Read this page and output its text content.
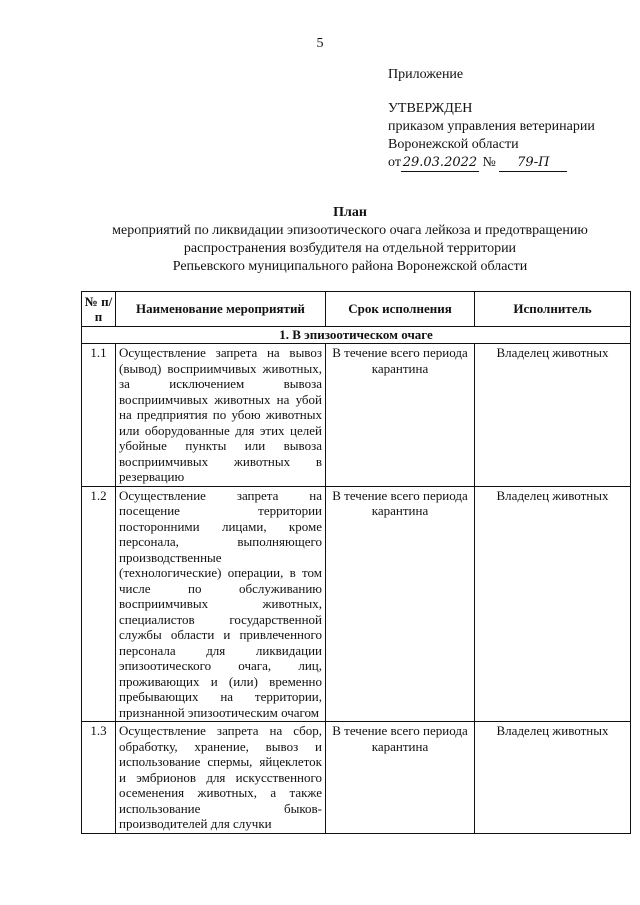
5
Приложение
УТВЕРЖДЕН
приказом управления ветеринарии
Воронежской области
от 29.03.2022 № 79-П
План
мероприятий по ликвидации эпизоотического очага лейкоза и предотвращению
распространения возбудителя на отдельной территории
Репьевского муниципального района Воронежской области
№ п/п	Наименование мероприятий	Срок исполнения	Исполнитель
1. В эпизоотическом очаге			
1.1	Осуществление запрета на вывоз (вывод) восприимчивых животных, за исключением вывоза восприимчивых животных на убой на предприятия по убою животных или оборудованные для этих целей убойные пункты или вывоза восприимчивых животных в резервацию	В течение всего периода карантина	Владелец животных
1.2	Осуществление запрета на посещение территории посторонними лицами, кроме персонала, выполняющего производственные (технологические) операции, в том числе по обслуживанию восприимчивых животных, специалистов государственной службы области и привлеченного персонала для ликвидации эпизоотического очага, лиц, проживающих и (или) временно пребывающих на территории, признанной эпизоотическим очагом	В течение всего периода карантина	Владелец животных
1.3	Осуществление запрета на сбор, обработку, хранение, вывоз и использование спермы, яйцеклеток и эмбрионов для искусственного осеменения животных, а также использование быков-производителей для случки	В течение всего периода карантина	Владелец животных
